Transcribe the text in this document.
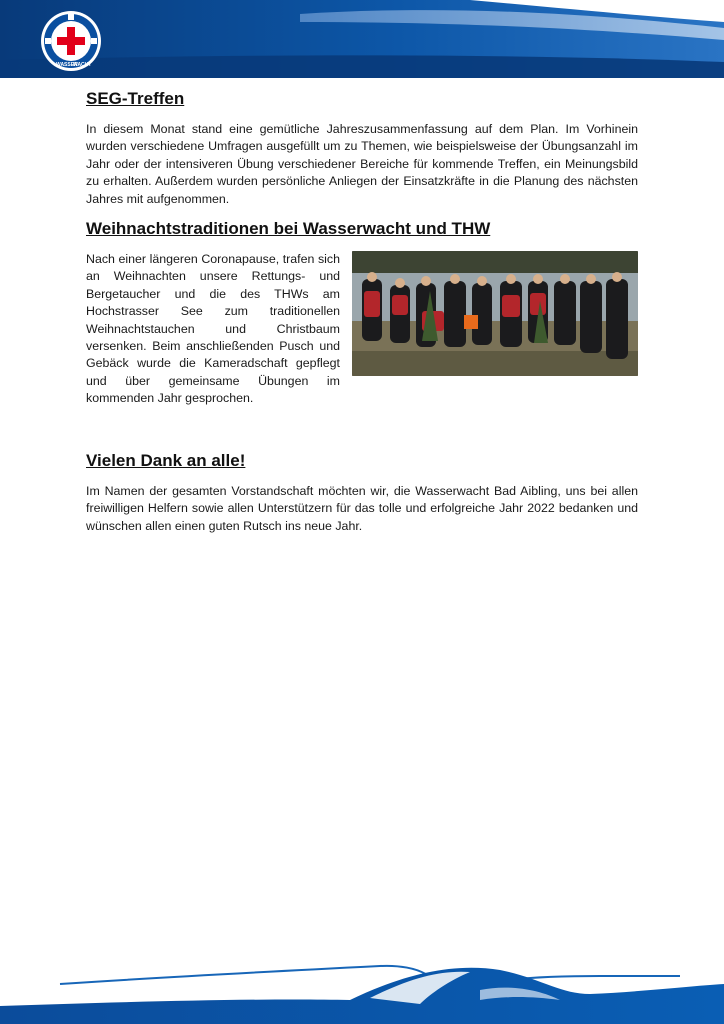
WASSER
WACHT
SEG-Treffen

In diesem Monat stand eine gemütliche Jahreszusammenfassung auf dem Plan. Im Vorhinein wurden verschiedene Umfragen ausgefüllt um zu Themen, wie beispielsweise der Übungsanzahl im Jahr oder der intensiveren Übung verschiedener Bereiche für kommende Treffen, ein Meinungsbild zu erhalten. Außerdem wurden persönliche Anliegen der Einsatzkräfte in die Planung des nächsten Jahres mit aufgenommen.

Weihnachtstraditionen bei Wasserwacht und THW

Nach einer längeren Coronapause, trafen sich an Weihnachten unsere Rettungs- und Bergetaucher und die des THWs am Hochstrasser See zum traditionellen Weihnachtstauchen und Christbaum versenken. Beim anschließenden Pusch und Gebäck wurde die Kameradschaft gepflegt und über gemeinsame Übungen im kommenden Jahr gesprochen.

Vielen Dank an alle!

Im Namen der gesamten Vorstandschaft möchten wir, die Wasserwacht Bad Aibling, uns bei allen freiwilligen Helfern sowie allen Unterstützern für das tolle und erfolgreiche Jahr 2022 bedanken und wünschen allen einen guten Rutsch ins neue Jahr.
